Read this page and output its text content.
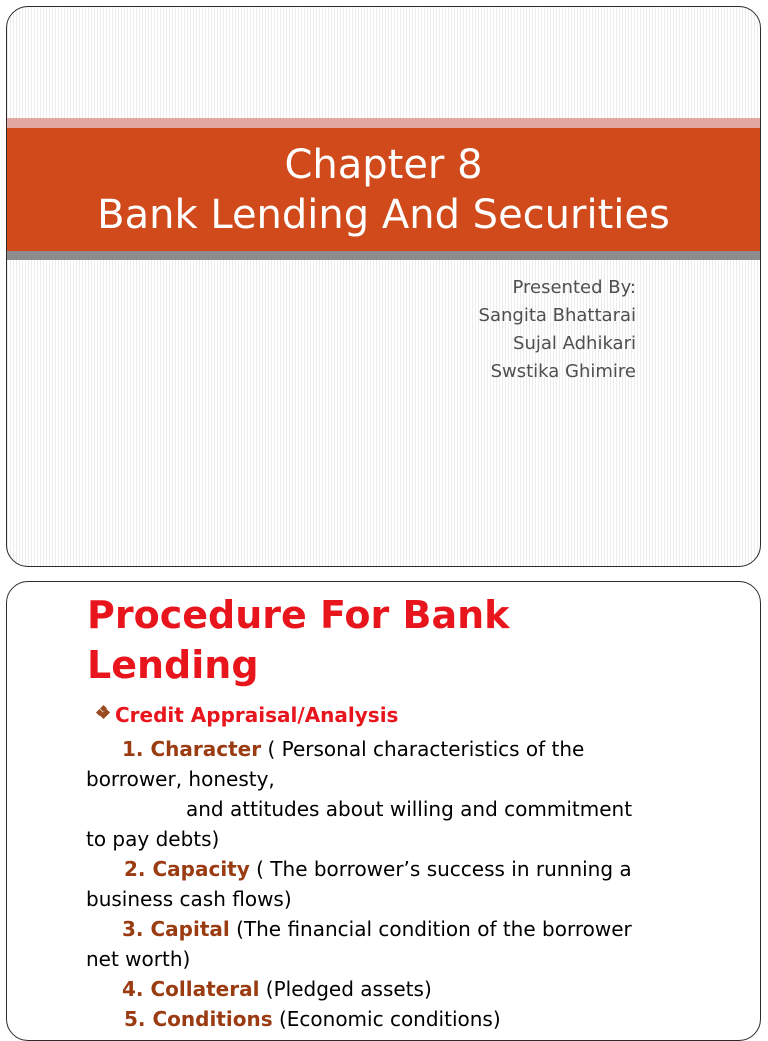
Chapter 8
Bank Lending And Securities
Presented By:
Sangita Bhattarai
Sujal Adhikari
Swstika Ghimire
Procedure For Bank
Lending
Credit Appraisal/Analysis

1. Character ( Personal characteristics of the

borrower, honesty,

and attitudes about willing and commitment

to pay debts)

2. Capacity ( The borrower’s success in running a

business cash flows)

3. Capital (The financial condition of the borrower

net worth)

4. Collateral (Pledged assets)

5. Conditions (Economic conditions)
